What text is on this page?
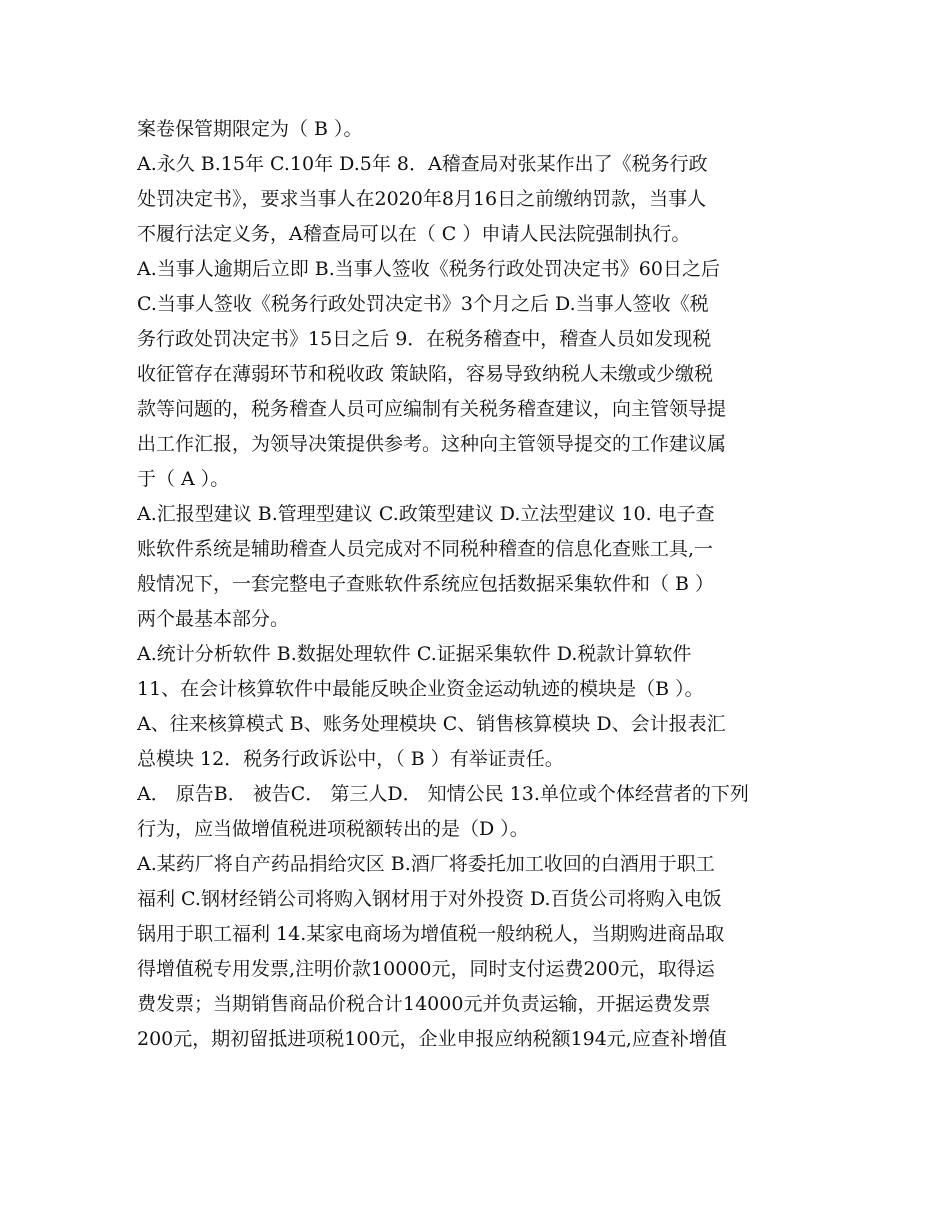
案卷保管期限定为（ B ）。
A.永久 B.15年 C.10年 D.5年 8．A稽查局对张某作出了《税务行政
处罚决定书》，要求当事人在2020年8月16日之前缴纳罚款，当事人
不履行法定义务，A稽查局可以在（ C ）申请人民法院强制执行。
A.当事人逾期后立即 B.当事人签收《税务行政处罚决定书》60日之后
C.当事人签收《税务行政处罚决定书》3个月之后 D.当事人签收《税
务行政处罚决定书》15日之后 9．在税务稽查中，稽查人员如发现税
收征管存在薄弱环节和税收政 策缺陷，容易导致纳税人未缴或少缴税
款等问题的，税务稽查人员可应编制有关税务稽查建议，向主管领导提
出工作汇报，为领导决策提供参考。这种向主管领导提交的工作建议属
于（ A ）。
A.汇报型建议 B.管理型建议 C.政策型建议 D.立法型建议 10. 电子查
账软件系统是辅助稽查人员完成对不同税种稽查的信息化查账工具,一
般情况下，一套完整电子查账软件系统应包括数据采集软件和（ B ）
两个最基本部分。
A.统计分析软件 B.数据处理软件 C.证据采集软件 D.税款计算软件
11、在会计核算软件中最能反映企业资金运动轨迹的模块是（B ）。
A、往来核算模式 B、账务处理模块 C、销售核算模块 D、会计报表汇
总模块 12．税务行政诉讼中，（ B ）有举证责任。
A． 原告B． 被告C． 第三人D． 知情公民 13.单位或个体经营者的下列
行为，应当做增值税进项税额转出的是（D ）。
A.某药厂将自产药品捐给灾区 B.酒厂将委托加工收回的白酒用于职工
福利 C.钢材经销公司将购入钢材用于对外投资 D.百货公司将购入电饭
锅用于职工福利 14.某家电商场为增值税一般纳税人，当期购进商品取
得增值税专用发票,注明价款10000元，同时支付运费200元，取得运
费发票；当期销售商品价税合计14000元并负责运输，开据运费发票
200元，期初留抵进项税100元，企业申报应纳税额194元,应查补增值
